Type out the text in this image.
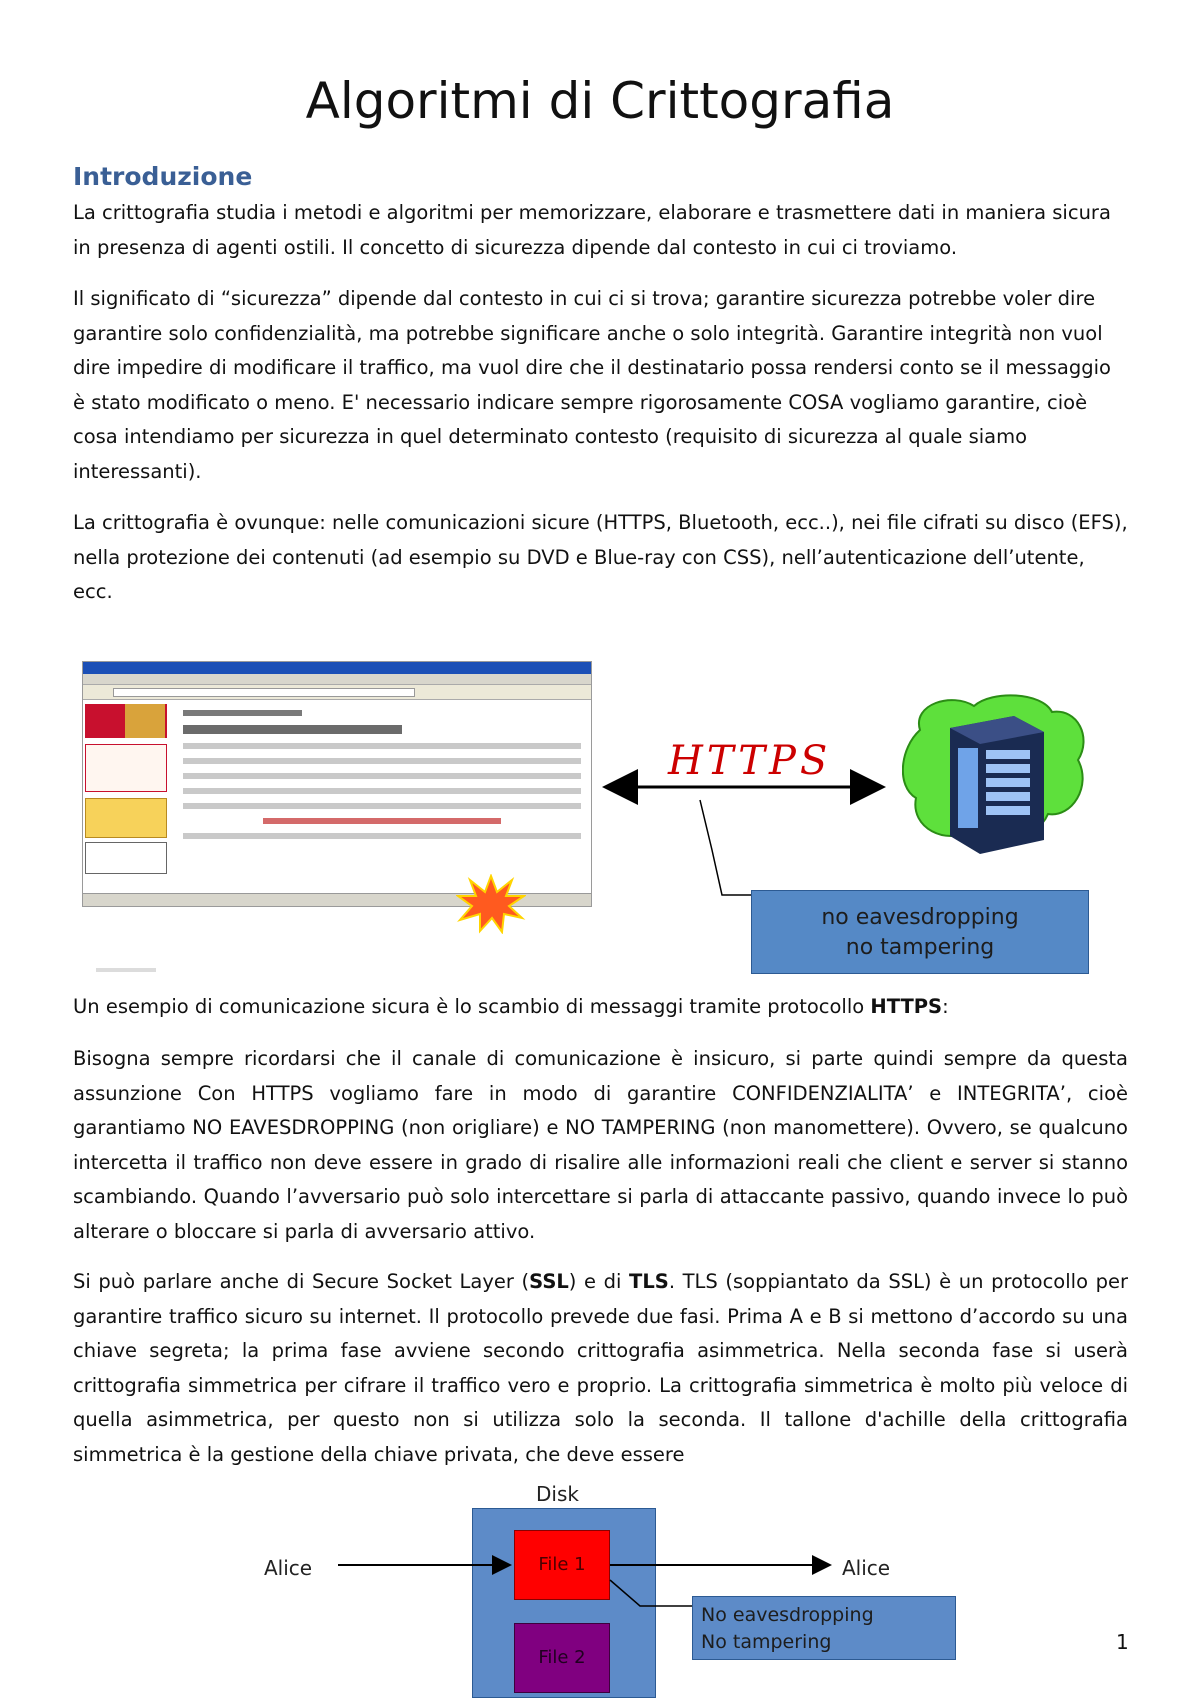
Algoritmi di Crittografia
Introduzione

La crittografia studia i metodi e algoritmi per memorizzare, elaborare e trasmettere dati in maniera sicura in presenza di agenti ostili. Il concetto di sicurezza dipende dal contesto in cui ci troviamo.

Il significato di “sicurezza” dipende dal contesto in cui ci si trova; garantire sicurezza potrebbe voler dire garantire solo confidenzialità, ma potrebbe significare anche o solo integrità. Garantire integrità non vuol dire impedire di modificare il traffico, ma vuol dire che il destinatario possa rendersi conto se il messaggio è stato modificato o meno. E' necessario indicare sempre rigorosamente COSA vogliamo garantire, cioè cosa intendiamo per sicurezza in quel determinato contesto (requisito di sicurezza al quale siamo interessanti).

La crittografia è ovunque: nelle comunicazioni sicure (HTTPS, Bluetooth, ecc..), nei file cifrati su disco (EFS), nella protezione dei contenuti (ad esempio su DVD e Blue-ray con CSS), nell’autenticazione dell’utente, ecc.

HTTPS
no eavesdropping
no tampering

Un esempio di comunicazione sicura è lo scambio di messaggi tramite protocollo HTTPS:

Bisogna sempre ricordarsi che il canale di comunicazione è insicuro, si parte quindi sempre da questa assunzione Con HTTPS vogliamo fare in modo di garantire CONFIDENZIALITA’ e INTEGRITA’, cioè garantiamo NO EAVESDROPPING (non origliare) e NO TAMPERING (non manomettere). Ovvero, se qualcuno intercetta il traffico non deve essere in grado di risalire alle informazioni reali che client e server si stanno scambiando. Quando l’avversario può solo intercettare si parla di attaccante passivo, quando invece lo può alterare o bloccare si parla di avversario attivo.

Si può parlare anche di Secure Socket Layer (SSL) e di TLS. TLS (soppiantato da SSL) è un protocollo per garantire traffico sicuro su internet. Il protocollo prevede due fasi. Prima A e B si mettono d’accordo su una chiave segreta; la prima fase avviene secondo crittografia asimmetrica. Nella seconda fase si userà crittografia simmetrica per cifrare il traffico vero e proprio. La crittografia simmetrica è molto più veloce di quella asimmetrica, per questo non si utilizza solo la seconda. Il tallone d'achille della crittografia simmetrica è la gestione della chiave privata, che deve essere

Disk
File 1
File 2
Alice	Alice
No eavesdropping
No tampering	1
